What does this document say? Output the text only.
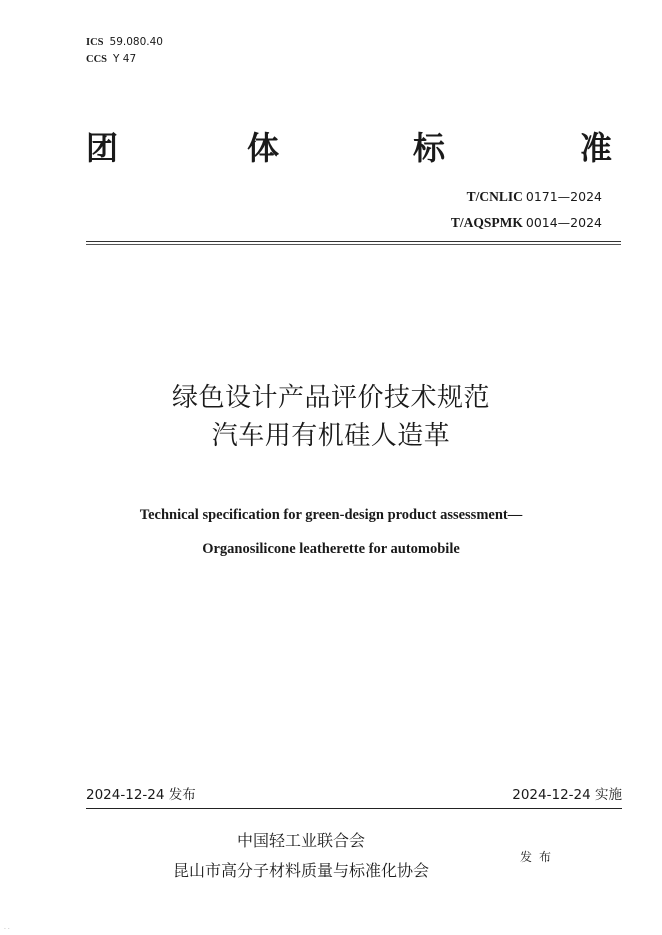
ICS 59.080.40
CCS Y 47
团	体	标	准
T/CNLIC 0171—2024
T/AQSPMK 0014—2024
绿色设计产品评价技术规范
汽车用有机硅人造革
Technical specification for green-design product assessment—
Organosilicone leatherette for automobile
2024-12-24 发布	2024-12-24 实施
中国轻工业联合会
昆山市高分子材料质量与标准化协会
发布
· ·
